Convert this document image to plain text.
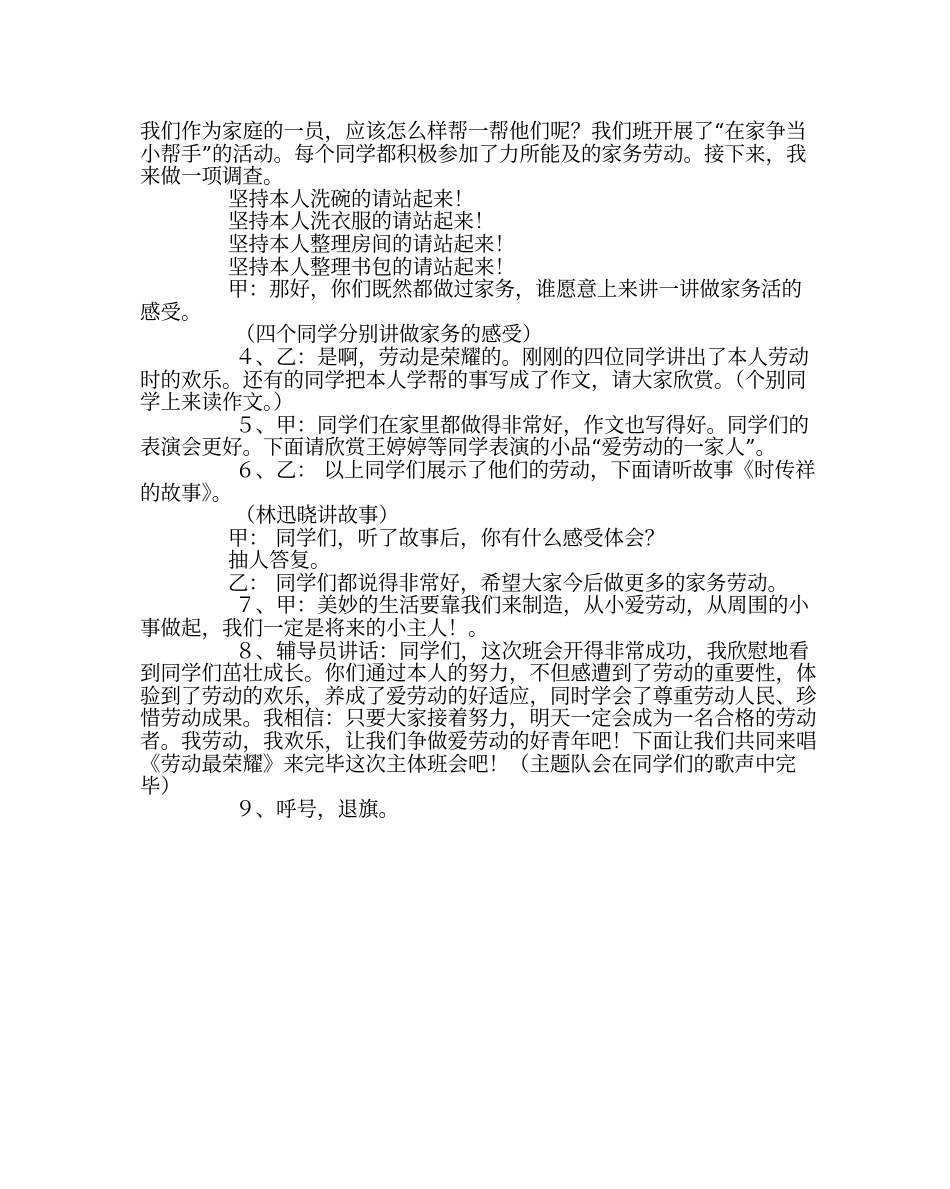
我们作为家庭的一员，应该怎么样帮一帮他们呢？我们班开展了“在家争当小帮手”的活动。每个同学都积极参加了力所能及的家务劳动。接下来，我来做一项调查。

坚持本人洗碗的请站起来！

坚持本人洗衣服的请站起来！

坚持本人整理房间的请站起来！

坚持本人整理书包的请站起来！

甲：那好，你们既然都做过家务，谁愿意上来讲一讲做家务活的感受。

（四个同学分别讲做家务的感受）

４、乙：是啊，劳动是荣耀的。刚刚的四位同学讲出了本人劳动时的欢乐。还有的同学把本人学帮的事写成了作文，请大家欣赏。（个别同学上来读作文。）

５、甲：同学们在家里都做得非常好，作文也写得好。同学们的表演会更好。下面请欣赏王婷婷等同学表演的小品“爱劳动的一家人”。

６、乙： 以上同学们展示了他们的劳动，下面请听故事《时传祥的故事》。

（林迅晓讲故事）

甲： 同学们，听了故事后，你有什么感受体会？

抽人答复。

乙： 同学们都说得非常好，希望大家今后做更多的家务劳动。

７、甲：美妙的生活要靠我们来制造，从小爱劳动，从周围的小事做起，我们一定是将来的小主人！。

８、辅导员讲话：同学们，这次班会开得非常成功，我欣慰地看到同学们茁壮成长。你们通过本人的努力，不但感遭到了劳动的重要性，体验到了劳动的欢乐，养成了爱劳动的好适应，同时学会了尊重劳动人民、珍惜劳动成果。我相信：只要大家接着努力，明天一定会成为一名合格的劳动者。我劳动，我欢乐，让我们争做爱劳动的好青年吧！下面让我们共同来唱《劳动最荣耀》来完毕这次主体班会吧！（主题队会在同学们的歌声中完毕）

９、呼号，退旗。
